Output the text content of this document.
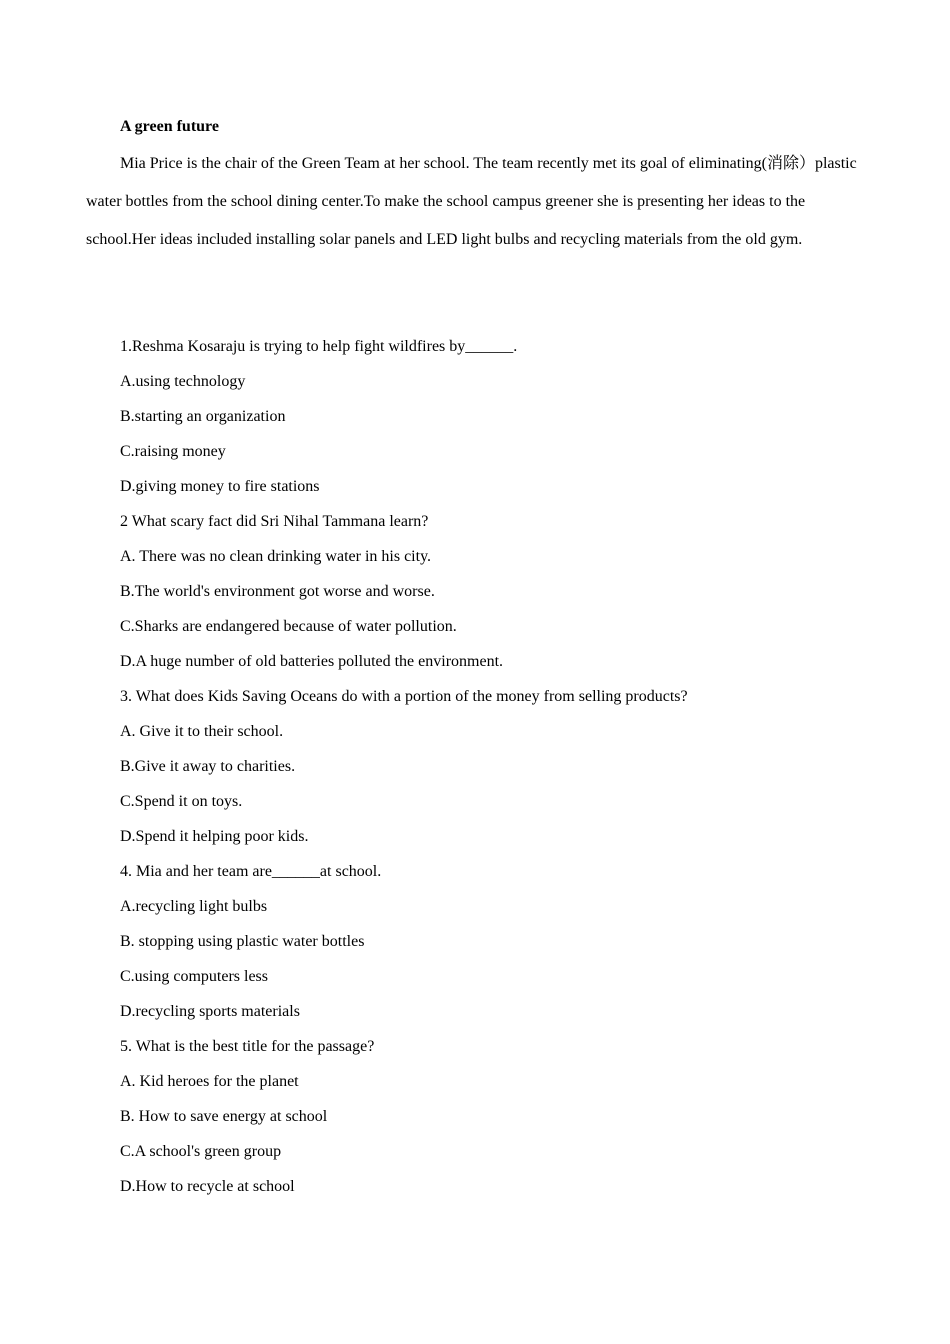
A green future

Mia Price is the chair of the Green Team at her school. The team recently met its goal of eliminating(消除）plastic water bottles from the school dining center.To make the school campus greener she is presenting her ideas to the school.Her ideas included installing solar panels and LED light bulbs and recycling materials from the old gym.

1.Reshma Kosaraju is trying to help fight wildfires by______.

A.using technology

B.starting an organization

C.raising money

D.giving money to fire stations

2 What scary fact did Sri Nihal Tammana learn?

A. There was no clean drinking water in his city.

B.The world's environment got worse and worse.

C.Sharks are endangered because of water pollution.

D.A huge number of old batteries polluted the environment.

3. What does Kids Saving Oceans do with a portion of the money from selling products?

A. Give it to their school.

B.Give it away to charities.

C.Spend it on toys.

D.Spend it helping poor kids.

4. Mia and her team are______at school.

A.recycling light bulbs

B. stopping using plastic water bottles

C.using computers less

D.recycling sports materials

5. What is the best title for the passage?

A. Kid heroes for the planet

B. How to save energy at school

C.A school's green group

D.How to recycle at school
